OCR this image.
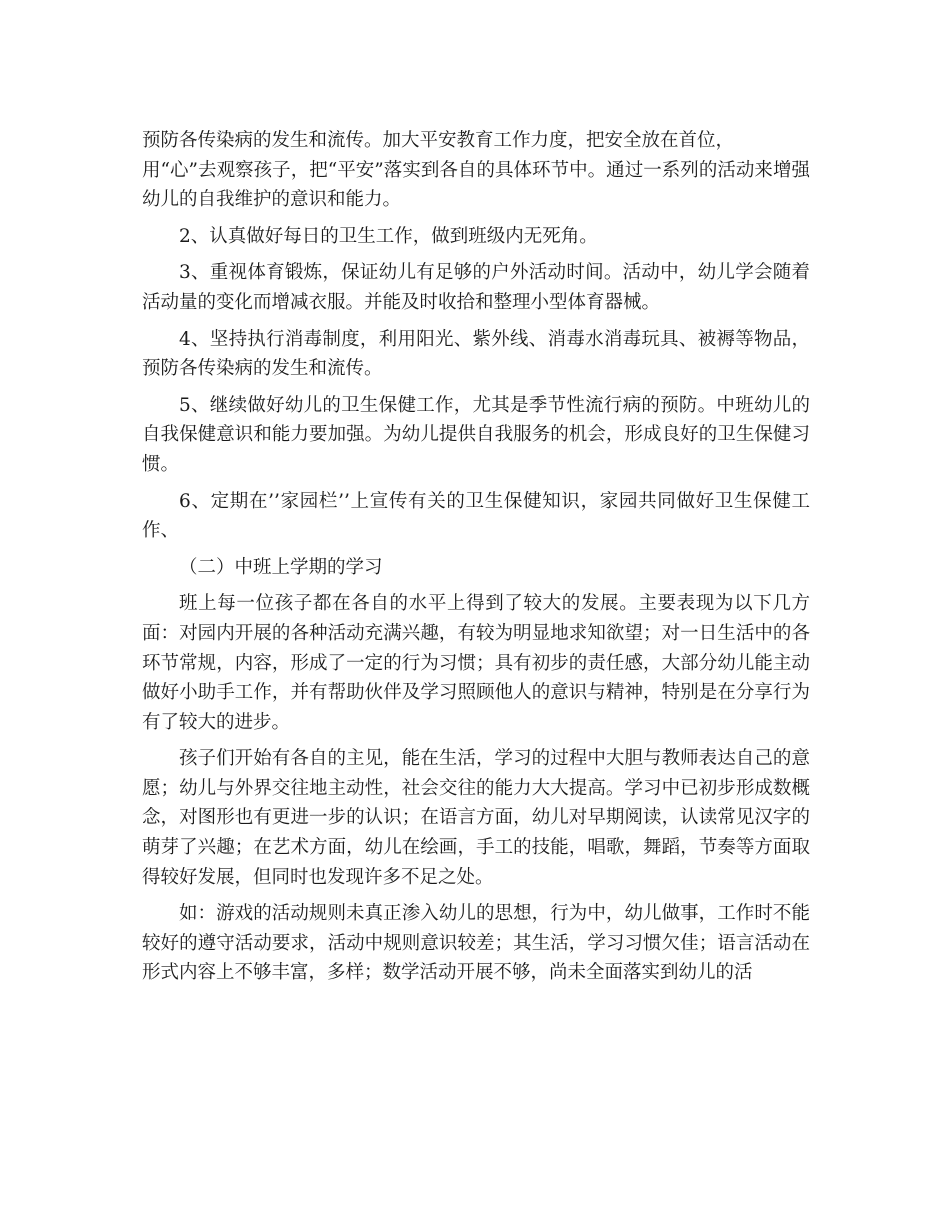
预防各传染病的发生和流传。加大平安教育工作力度，把安全放在首位，
用“心”去观察孩子，把“平安”落实到各自的具体环节中。通过一系列的活动来增强幼儿的自我维护的意识和能力。

2、认真做好每日的卫生工作，做到班级内无死角。

3、重视体育锻炼，保证幼儿有足够的户外活动时间。活动中，幼儿学会随着活动量的变化而增减衣服。并能及时收拾和整理小型体育器械。

4、坚持执行消毒制度，利用阳光、紫外线、消毒水消毒玩具、被褥等物品，预防各传染病的发生和流传。

5、继续做好幼儿的卫生保健工作，尤其是季节性流行病的预防。中班幼儿的自我保健意识和能力要加强。为幼儿提供自我服务的机会，形成良好的卫生保健习惯。

6、定期在’’家园栏’’上宣传有关的卫生保健知识，家园共同做好卫生保健工作、

（二）中班上学期的学习

班上每一位孩子都在各自的水平上得到了较大的发展。主要表现为以下几方面：对园内开展的各种活动充满兴趣，有较为明显地求知欲望；对一日生活中的各环节常规，内容，形成了一定的行为习惯；具有初步的责任感，大部分幼儿能主动做好小助手工作，并有帮助伙伴及学习照顾他人的意识与精神，特别是在分享行为有了较大的进步。

孩子们开始有各自的主见，能在生活，学习的过程中大胆与教师表达自己的意愿；幼儿与外界交往地主动性，社会交往的能力大大提高。学习中已初步形成数概念，对图形也有更进一步的认识；在语言方面，幼儿对早期阅读，认读常见汉字的萌芽了兴趣；在艺术方面，幼儿在绘画，手工的技能，唱歌，舞蹈，节奏等方面取得较好发展，但同时也发现许多不足之处。

如：游戏的活动规则未真正渗入幼儿的思想，行为中，幼儿做事，工作时不能较好的遵守活动要求，活动中规则意识较差；其生活，学习习惯欠佳；语言活动在形式内容上不够丰富，多样；数学活动开展不够，尚未全面落实到幼儿的活
